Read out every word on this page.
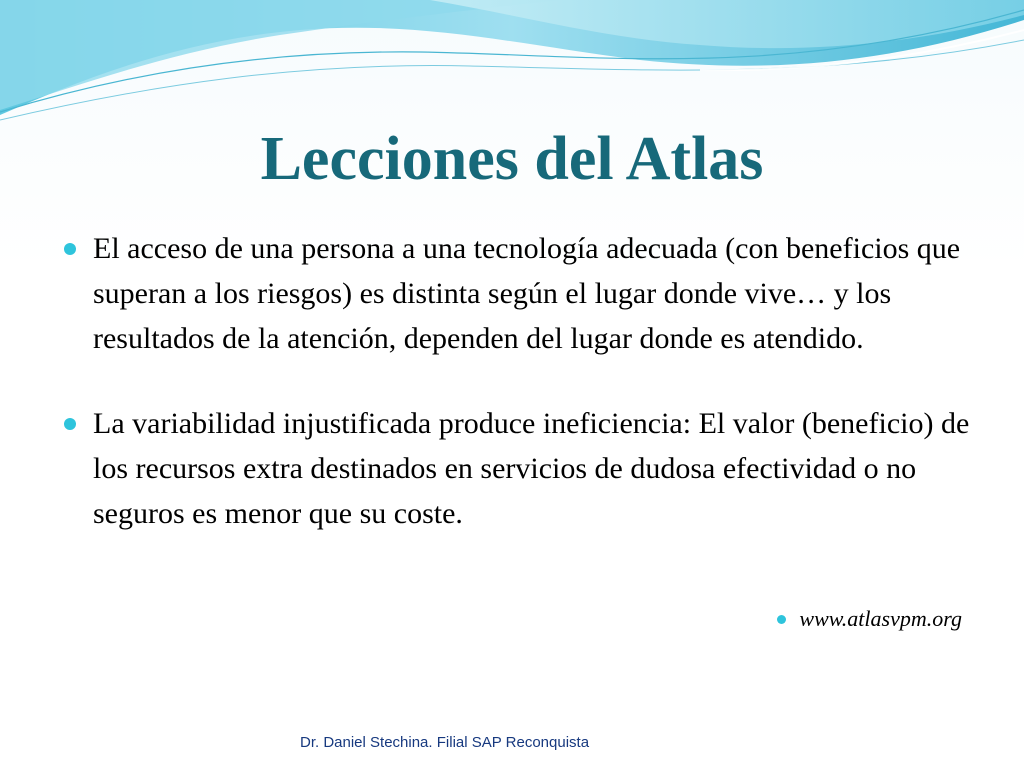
Lecciones del Atlas
El acceso de una persona a una tecnología adecuada (con beneficios que superan a los riesgos) es distinta según el lugar donde vive… y los resultados de la atención, dependen del lugar donde es atendido.
La variabilidad injustificada produce ineficiencia: El valor (beneficio) de los recursos extra destinados en servicios de dudosa efectividad o no seguros es menor que su coste.
www.atlasvpm.org
Dr. Daniel Stechina. Filial SAP Reconquista
